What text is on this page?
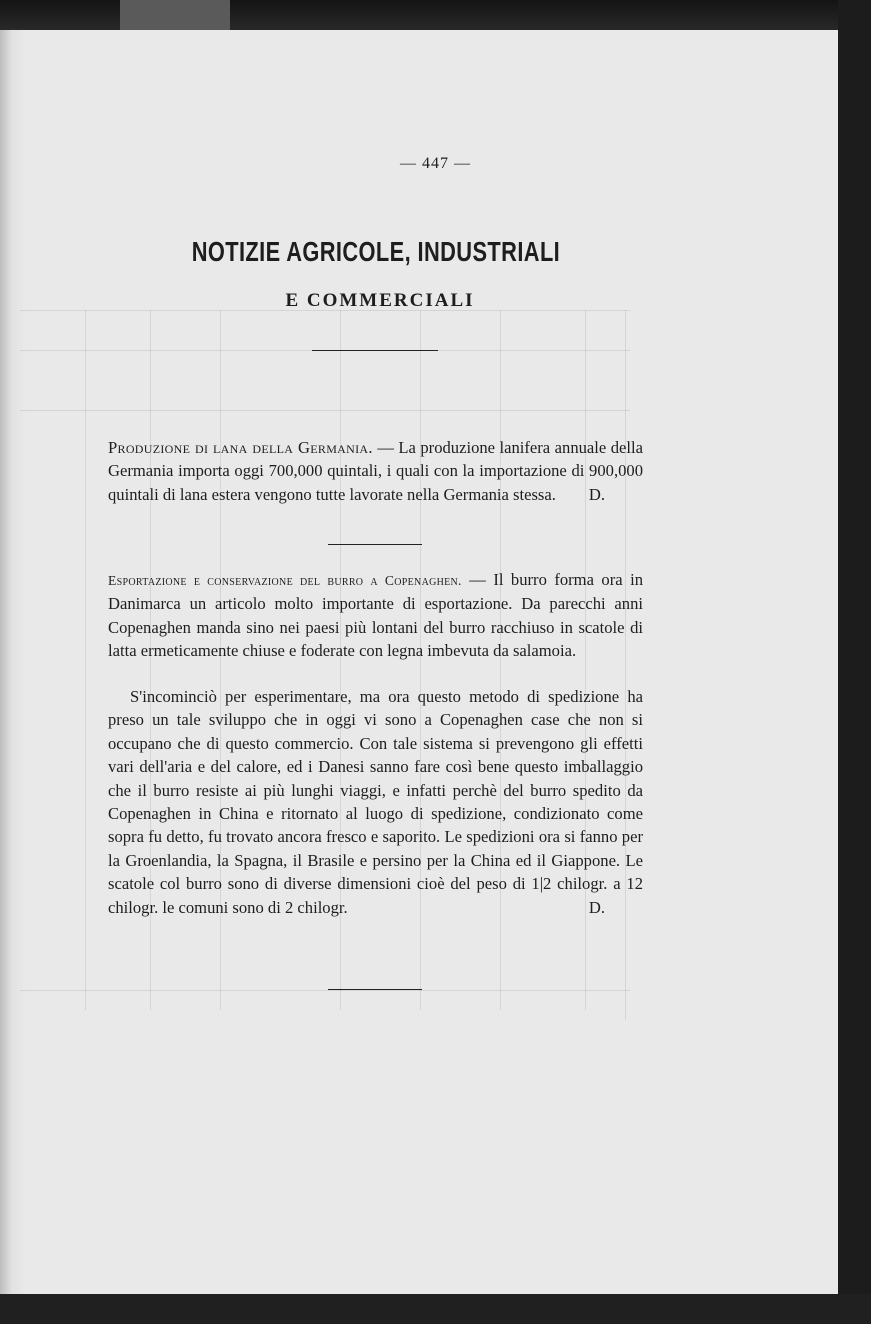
— 447 —
NOTIZIE AGRICOLE, INDUSTRIALI
E COMMERCIALI
Produzione di lana della Germania. — La produzione lanifera annuale della Germania importa oggi 700,000 quintali, i quali con la importazione di 900,000 quintali di lana estera vengono tutte lavorate nella Germania stessa. D.
Esportazione e conservazione del burro a Copenaghen. — Il burro forma ora in Danimarca un articolo molto importante di esportazione. Da parecchi anni Copenaghen manda sino nei paesi più lontani del burro racchiuso in scatole di latta ermeticamente chiuse e foderate con legna imbevuta da salamoia.
S'incominciò per esperimentare, ma ora questo metodo di spedizione ha preso un tale sviluppo che in oggi vi sono a Copenaghen case che non si occupano che di questo commercio. Con tale sistema si prevengono gli effetti vari dell'aria e del calore, ed i Danesi sanno fare così bene questo imballaggio che il burro resiste ai più lunghi viaggi, e infatti perchè del burro spedito da Copenaghen in China e ritornato al luogo di spedizione, condizionato come sopra fu detto, fu trovato ancora fresco e saporito. Le spedizioni ora si fanno per la Groenlandia, la Spagna, il Brasile e persino per la China ed il Giappone. Le scatole col burro sono di diverse dimensioni cioè del peso di 1|2 chilogr. a 12 chilogr. le comuni sono di 2 chilogr.	D.
